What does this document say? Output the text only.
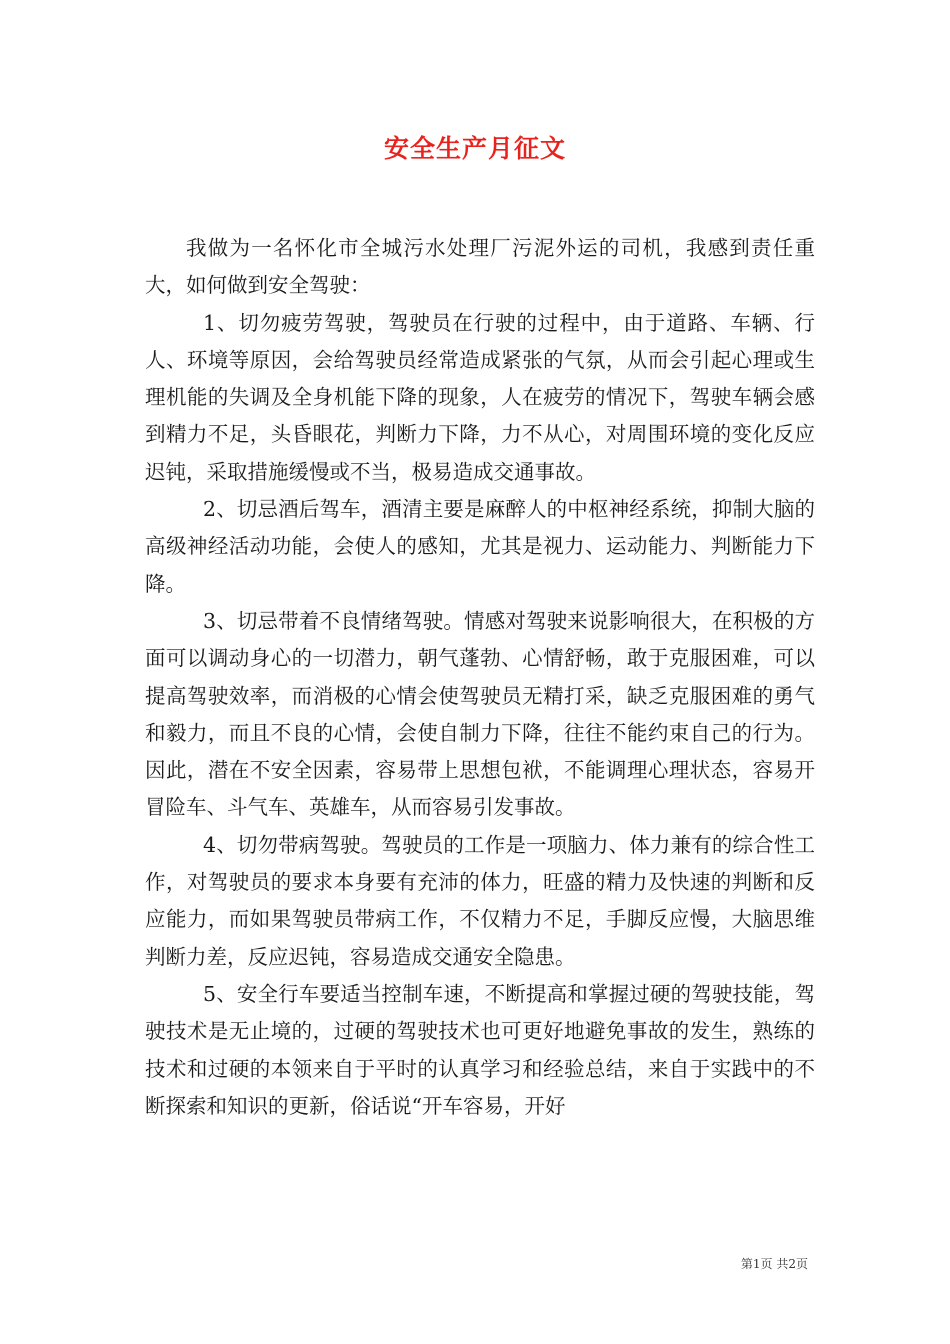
安全生产月征文

我做为一名怀化市全城污水处理厂污泥外运的司机，我感到责任重大，如何做到安全驾驶：

1、切勿疲劳驾驶，驾驶员在行驶的过程中，由于道路、车辆、行人、环境等原因，会给驾驶员经常造成紧张的气氛，从而会引起心理或生理机能的失调及全身机能下降的现象，人在疲劳的情况下，驾驶车辆会感到精力不足，头昏眼花，判断力下降，力不从心，对周围环境的变化反应迟钝，采取措施缓慢或不当，极易造成交通事故。

2、切忌酒后驾车，酒清主要是麻醉人的中枢神经系统，抑制大脑的高级神经活动功能，会使人的感知，尤其是视力、运动能力、判断能力下降。

3、切忌带着不良情绪驾驶。情感对驾驶来说影响很大，在积极的方面可以调动身心的一切潜力，朝气蓬勃、心情舒畅，敢于克服困难，可以提高驾驶效率，而消极的心情会使驾驶员无精打采，缺乏克服困难的勇气和毅力，而且不良的心情，会使自制力下降，往往不能约束自己的行为。因此，潜在不安全因素，容易带上思想包袱，不能调理心理状态，容易开冒险车、斗气车、英雄车，从而容易引发事故。

4、切勿带病驾驶。驾驶员的工作是一项脑力、体力兼有的综合性工作，对驾驶员的要求本身要有充沛的体力，旺盛的精力及快速的判断和反应能力，而如果驾驶员带病工作，不仅精力不足，手脚反应慢，大脑思维判断力差，反应迟钝，容易造成交通安全隐患。

5、安全行车要适当控制车速，不断提高和掌握过硬的驾驶技能，驾驶技术是无止境的，过硬的驾驶技术也可更好地避免事故的发生，熟练的技术和过硬的本领来自于平时的认真学习和经验总结，来自于实践中的不断探索和知识的更新，俗话说“开车容易，开好

第1页 共2页
